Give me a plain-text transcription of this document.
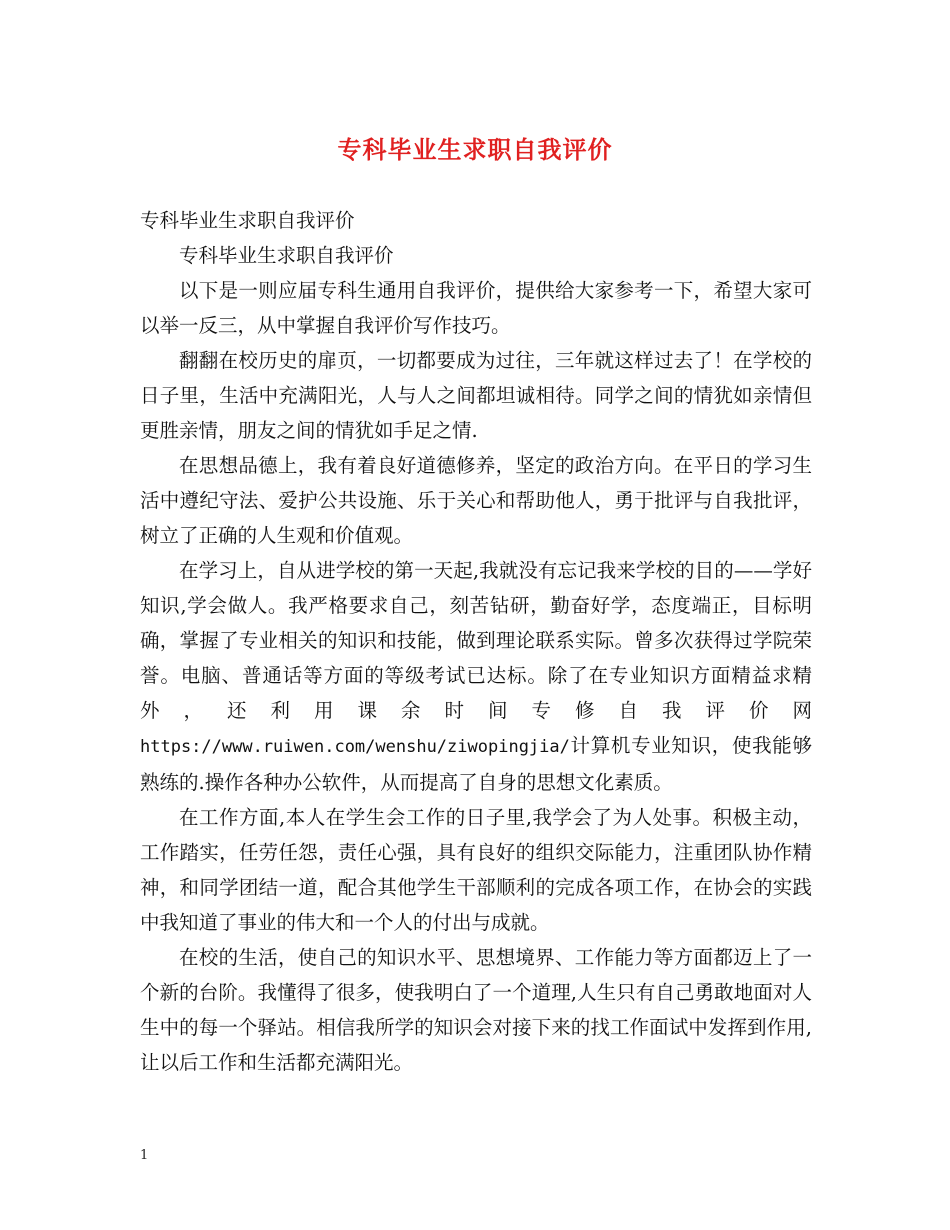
专科毕业生求职自我评价

专科毕业生求职自我评价

专科毕业生求职自我评价

以下是一则应届专科生通用自我评价，提供给大家参考一下，希望大家可以举一反三，从中掌握自我评价写作技巧。

翻翻在校历史的扉页，一切都要成为过往，三年就这样过去了！在学校的日子里，生活中充满阳光，人与人之间都坦诚相待。同学之间的情犹如亲情但更胜亲情，朋友之间的情犹如手足之情.

在思想品德上，我有着良好道德修养，坚定的政治方向。在平日的学习生活中遵纪守法、爱护公共设施、乐于关心和帮助他人，勇于批评与自我批评，树立了正确的人生观和价值观。

在学习上，自从进学校的第一天起,我就没有忘记我来学校的目的——学好知识,学会做人。我严格要求自己，刻苦钻研，勤奋好学，态度端正，目标明确，掌握了专业相关的知识和技能，做到理论联系实际。曾多次获得过学院荣誉。电脑、普通话等方面的等级考试已达标。除了在专业知识方面精益求精外，还利用课余时间专修自我评价网https://www.ruiwen.com/wenshu/ziwopingjia/计算机专业知识，使我能够熟练的.操作各种办公软件，从而提高了自身的思想文化素质。

在工作方面,本人在学生会工作的日子里,我学会了为人处事。积极主动，工作踏实，任劳任怨，责任心强，具有良好的组织交际能力，注重团队协作精神，和同学团结一道，配合其他学生干部顺利的完成各项工作，在协会的实践中我知道了事业的伟大和一个人的付出与成就。

在校的生活，使自己的知识水平、思想境界、工作能力等方面都迈上了一个新的台阶。我懂得了很多，使我明白了一个道理,人生只有自己勇敢地面对人生中的每一个驿站。相信我所学的知识会对接下来的找工作面试中发挥到作用,让以后工作和生活都充满阳光。

1
